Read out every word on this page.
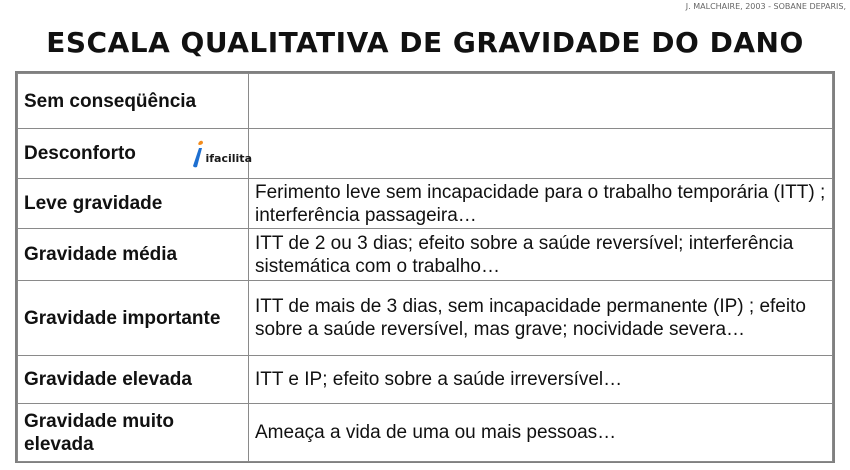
J. MALCHAIRE, 2003 - SOBANE DEPARIS,
ESCALA QUALITATIVA DE GRAVIDADE DO DANO
Sem conseqüência	
Desconforto ifacilita	

Leve gravidade	Ferimento leve sem incapacidade para o trabalho temporária (ITT) ; interferência passageira…
Gravidade média	ITT de 2 ou 3 dias; efeito sobre a saúde reversível; interferência sistemática com o trabalho…
Gravidade importante	ITT de mais de 3 dias, sem incapacidade permanente (IP) ; efeito sobre a saúde reversível, mas grave; nocividade severa…
Gravidade elevada	ITT e IP; efeito sobre a saúde irreversível…
Gravidade muito elevada	Ameaça a vida de uma ou mais pessoas…
